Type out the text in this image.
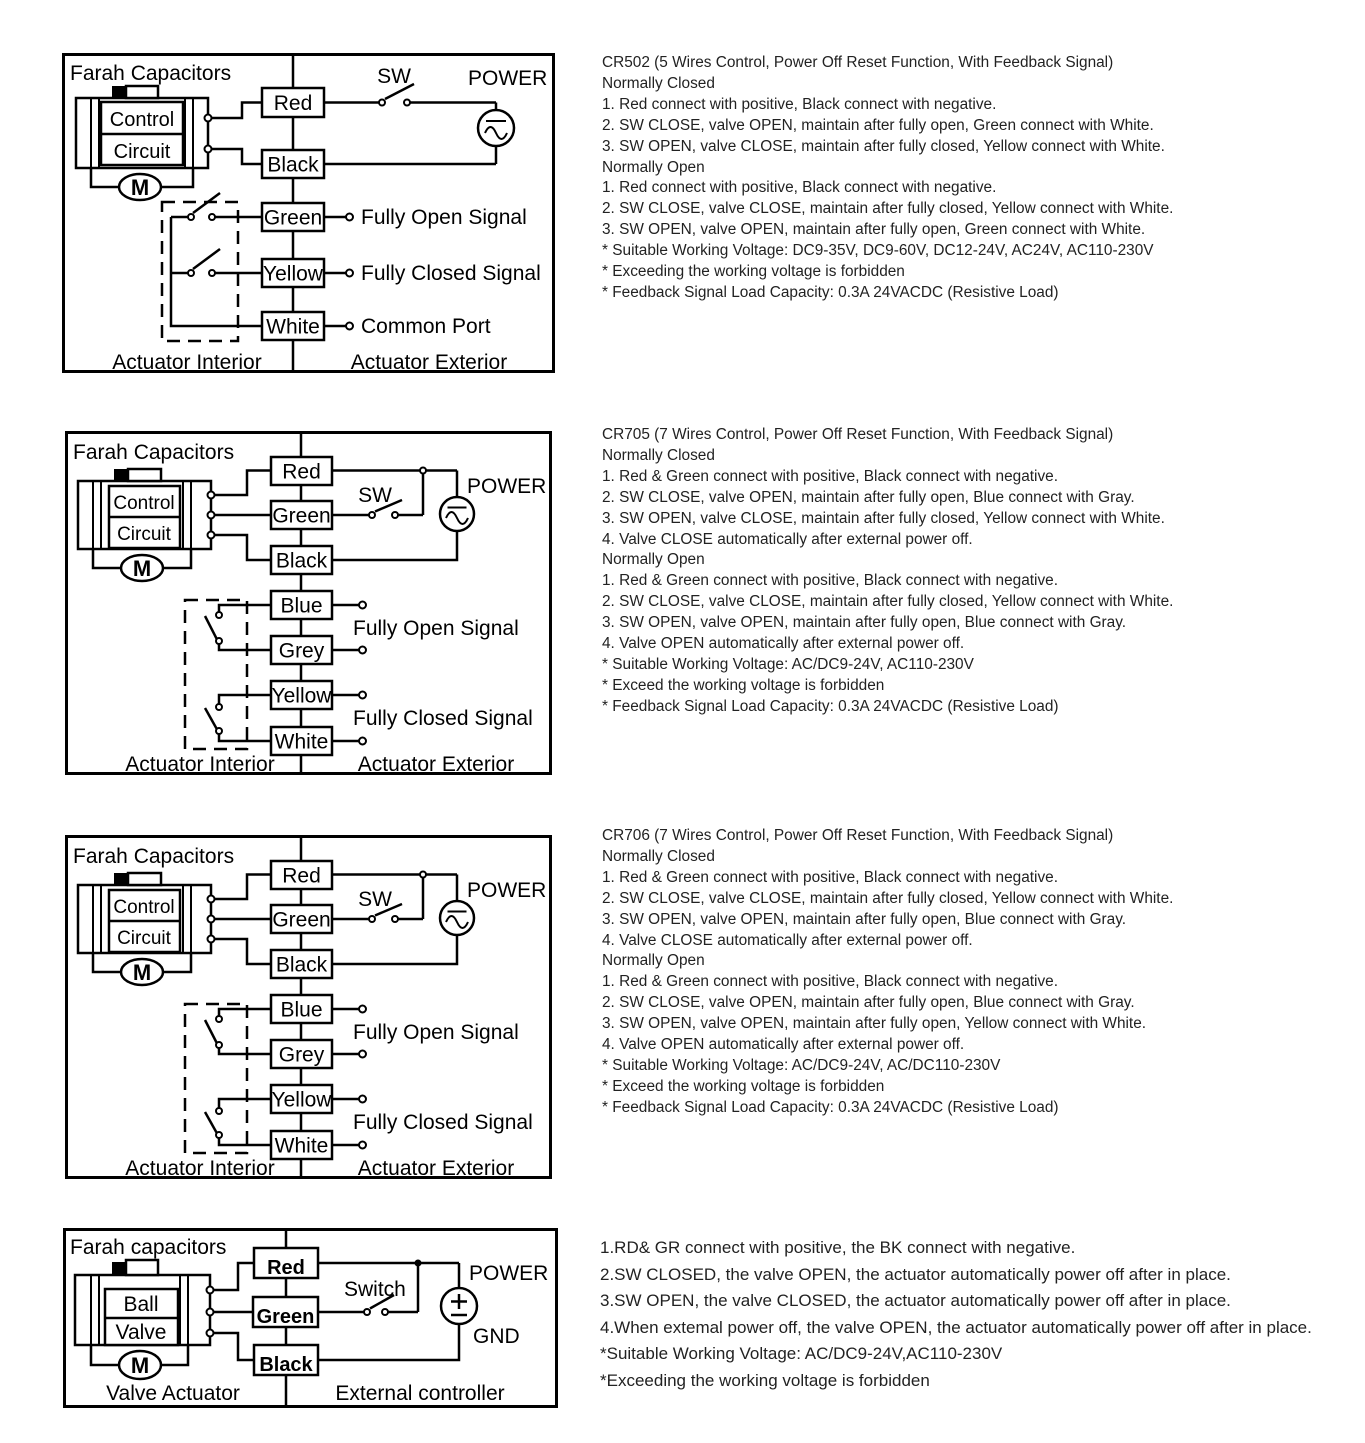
Farah Capacitors
Control
Circuit
M
Red
Black
Green
Yellow
White
SW	POWER
Fully Open Signal
Fully Closed Signal
Common Port
Actuator Interior	Actuator Exterior
CR502 (5 Wires Control, Power Off Reset Function, With Feedback Signal)
Normally Closed
1. Red connect with positive, Black connect with negative.
2. SW CLOSE, valve OPEN, maintain after fully open, Green connect with White.
3. SW OPEN, valve CLOSE, maintain after fully closed, Yellow connect with White.
Normally Open
1. Red connect with positive, Black connect with negative.
2. SW CLOSE, valve CLOSE, maintain after fully closed, Yellow connect with White.
3. SW OPEN, valve OPEN, maintain after fully open, Green connect with White.
* Suitable Working Voltage: DC9-35V, DC9-60V, DC12-24V, AC24V, AC110-230V
* Exceeding the working voltage is forbidden
* Feedback Signal Load Capacity: 0.3A 24VACDC (Resistive Load)
Farah Capacitors
Control
Circuit
M
Red
Green
Black
Blue
Grey
Yellow
White
SW	POWER
Fully Open Signal
Fully Closed Signal
Actuator Interior	Actuator Exterior
CR705 (7 Wires Control, Power Off Reset Function, With Feedback Signal)
Normally Closed
1. Red & Green connect with positive, Black connect with negative.
2. SW CLOSE, valve OPEN, maintain after fully open, Blue connect with Gray.
3. SW OPEN, valve CLOSE, maintain after fully closed, Yellow connect with White.
4. Valve CLOSE automatically after external power off.
Normally Open
1. Red & Green connect with positive, Black connect with negative.
2. SW CLOSE, valve CLOSE, maintain after fully closed, Yellow connect with White.
3. SW OPEN, valve OPEN, maintain after fully open, Blue connect with Gray.
4. Valve OPEN automatically after external power off.
* Suitable Working Voltage: AC/DC9-24V, AC110-230V
* Exceed the working voltage is forbidden
* Feedback Signal Load Capacity: 0.3A 24VACDC (Resistive Load)
Farah Capacitors
Control
Circuit
M
Red
Green
Black
Blue
Grey
Yellow
White
SW	POWER
Fully Open Signal
Fully Closed Signal
Actuator Interior	Actuator Exterior
CR706 (7 Wires Control, Power Off Reset Function, With Feedback Signal)
Normally Closed
1. Red & Green connect with positive, Black connect with negative.
2. SW CLOSE, valve CLOSE, maintain after fully closed, Yellow connect with White.
3. SW OPEN, valve OPEN, maintain after fully open, Blue connect with Gray.
4. Valve CLOSE automatically after external power off.
Normally Open
1. Red & Green connect with positive, Black connect with negative.
2. SW CLOSE, valve OPEN, maintain after fully open, Blue connect with Gray.
3. SW OPEN, valve OPEN, maintain after fully open, Yellow connect with White.
4. Valve OPEN automatically after external power off.
* Suitable Working Voltage: AC/DC9-24V, AC/DC110-230V
* Exceed the working voltage is forbidden
* Feedback Signal Load Capacity: 0.3A 24VACDC (Resistive Load)
Farah capacitors
Ball
Valve
M
Red
Green
Black
Switch
POWER
GND
Valve Actuator	External controller
1.RD& GR connect with positive, the BK connect with negative.
2.SW CLOSED, the valve OPEN, the actuator automatically power off after in place.
3.SW OPEN, the valve CLOSED, the actuator automatically power off after in place.
4.When extemal power off, the valve OPEN, the actuator automatically power off after in place.
*Suitable Working Voltage: AC/DC9-24V,AC110-230V
*Exceeding the working voltage is forbidden
